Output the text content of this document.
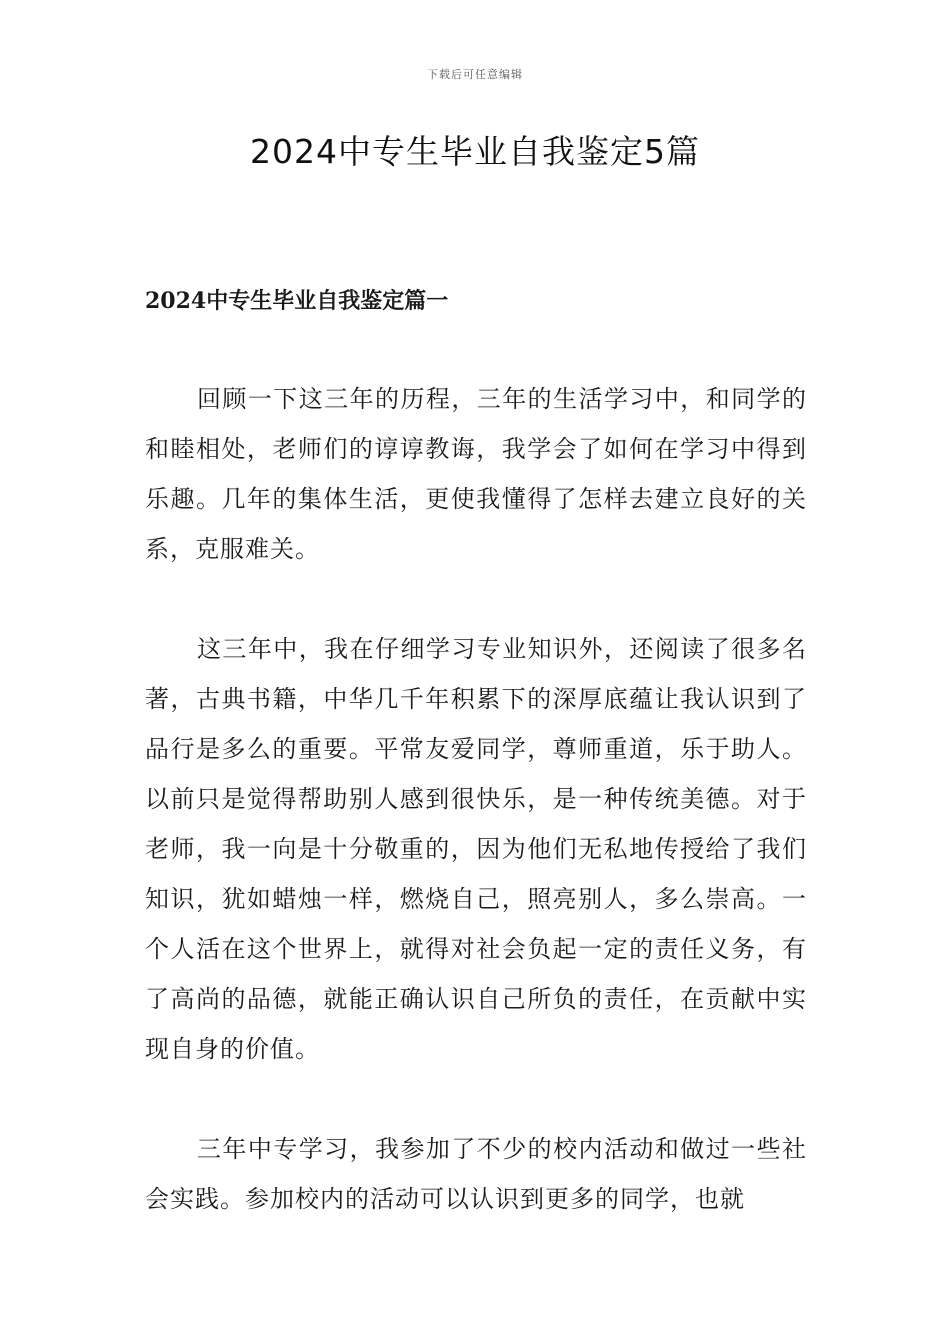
下载后可任意编辑
2024中专生毕业自我鉴定5篇
2024中专生毕业自我鉴定篇一

回顾一下这三年的历程，三年的生活学习中，和同学的和睦相处，老师们的谆谆教诲，我学会了如何在学习中得到乐趣。几年的集体生活，更使我懂得了怎样去建立良好的关系，克服难关。

这三年中，我在仔细学习专业知识外，还阅读了很多名著，古典书籍，中华几千年积累下的深厚底蕴让我认识到了品行是多么的重要。平常友爱同学，尊师重道，乐于助人。以前只是觉得帮助别人感到很快乐，是一种传统美德。对于老师，我一向是十分敬重的，因为他们无私地传授给了我们知识，犹如蜡烛一样，燃烧自己，照亮别人，多么崇高。一个人活在这个世界上，就得对社会负起一定的责任义务，有了高尚的品德，就能正确认识自己所负的责任，在贡献中实现自身的价值。

三年中专学习，我参加了不少的校内活动和做过一些社会实践。参加校内的活动可以认识到更多的同学，也就
